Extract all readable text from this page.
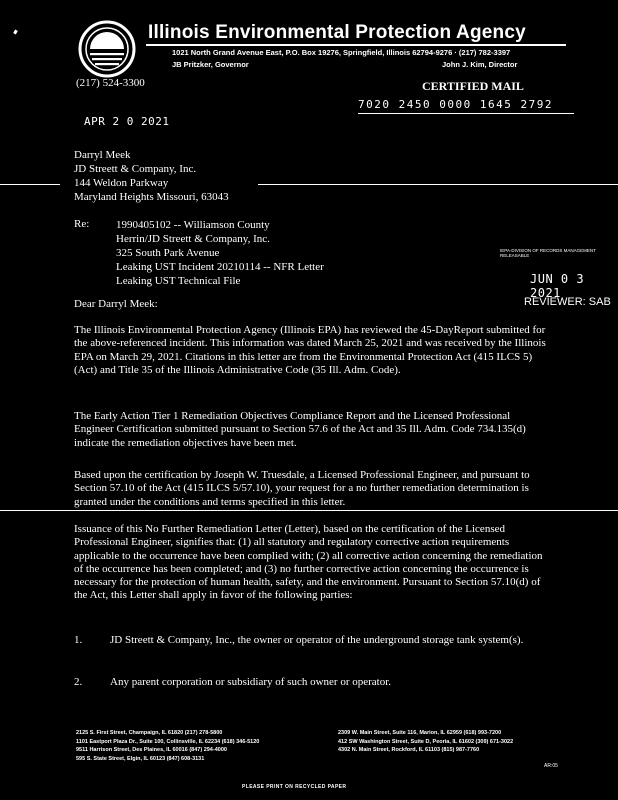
Illinois Environmental Protection Agency
1021 North Grand Avenue East, P.O. Box 19276, Springfield, Illinois 62794-9276 · (217) 782-3397
JB Pritzker, Governor	John J. Kim, Director
(217) 524-3300	CERTIFIED MAIL
7020 2450 0000 1645 2792
APR 2 0 2021
Darryl Meek
JD Streett & Company, Inc.
144 Weldon Parkway
Maryland Heights Missouri, 63043
Re: 1990405102 -- Williamson County
Herrin/JD Streett & Company, Inc.
325 South Park Avenue
Leaking UST Incident 20210114 -- NFR Letter
Leaking UST Technical File
IEPA-DIVISION OF RECORDS MANAGEMENT RELEASABLE
JUN 0 3 2021
REVIEWER: SAB
Dear Darryl Meek:
The Illinois Environmental Protection Agency (Illinois EPA) has reviewed the 45-DayReport submitted for the above-referenced incident. This information was dated March 25, 2021 and was received by the Illinois EPA on March 29, 2021. Citations in this letter are from the Environmental Protection Act (415 ILCS 5) (Act) and Title 35 of the Illinois Administrative Code (35 Ill. Adm. Code).
The Early Action Tier 1 Remediation Objectives Compliance Report and the Licensed Professional Engineer Certification submitted pursuant to Section 57.6 of the Act and 35 Ill. Adm. Code 734.135(d) indicate the remediation objectives have been met.
Based upon the certification by Joseph W. Truesdale, a Licensed Professional Engineer, and pursuant to Section 57.10 of the Act (415 ILCS 5/57.10), your request for a no further remediation determination is granted under the conditions and terms specified in this letter.
Issuance of this No Further Remediation Letter (Letter), based on the certification of the Licensed Professional Engineer, signifies that: (1) all statutory and regulatory corrective action requirements applicable to the occurrence have been complied with; (2) all corrective action concerning the remediation of the occurrence has been completed; and (3) no further corrective action concerning the occurrence is necessary for the protection of human health, safety, and the environment. Pursuant to Section 57.10(d) of the Act, this Letter shall apply in favor of the following parties:
1.	JD Streett & Company, Inc., the owner or operator of the underground storage tank system(s).
2.	Any parent corporation or subsidiary of such owner or operator.
2125 S. First Street, Champaign, IL 61820 (217) 278-5800
1101 Eastport Plaza Dr., Suite 100, Collinsville, IL 62234 (618) 346-5120
9511 Harrison Street, Des Plaines, IL 60016 (847) 294-4000
595 S. State Street, Elgin, IL 60123 (847) 608-3131
2309 W. Main Street, Suite 116, Marion, IL 62959 (618) 993-7200
412 SW Washington Street, Suite D, Peoria, IL 61602 (309) 671-3022
4302 N. Main Street, Rockford, IL 61103 (815) 987-7760
AR:05
PLEASE PRINT ON RECYCLED PAPER
